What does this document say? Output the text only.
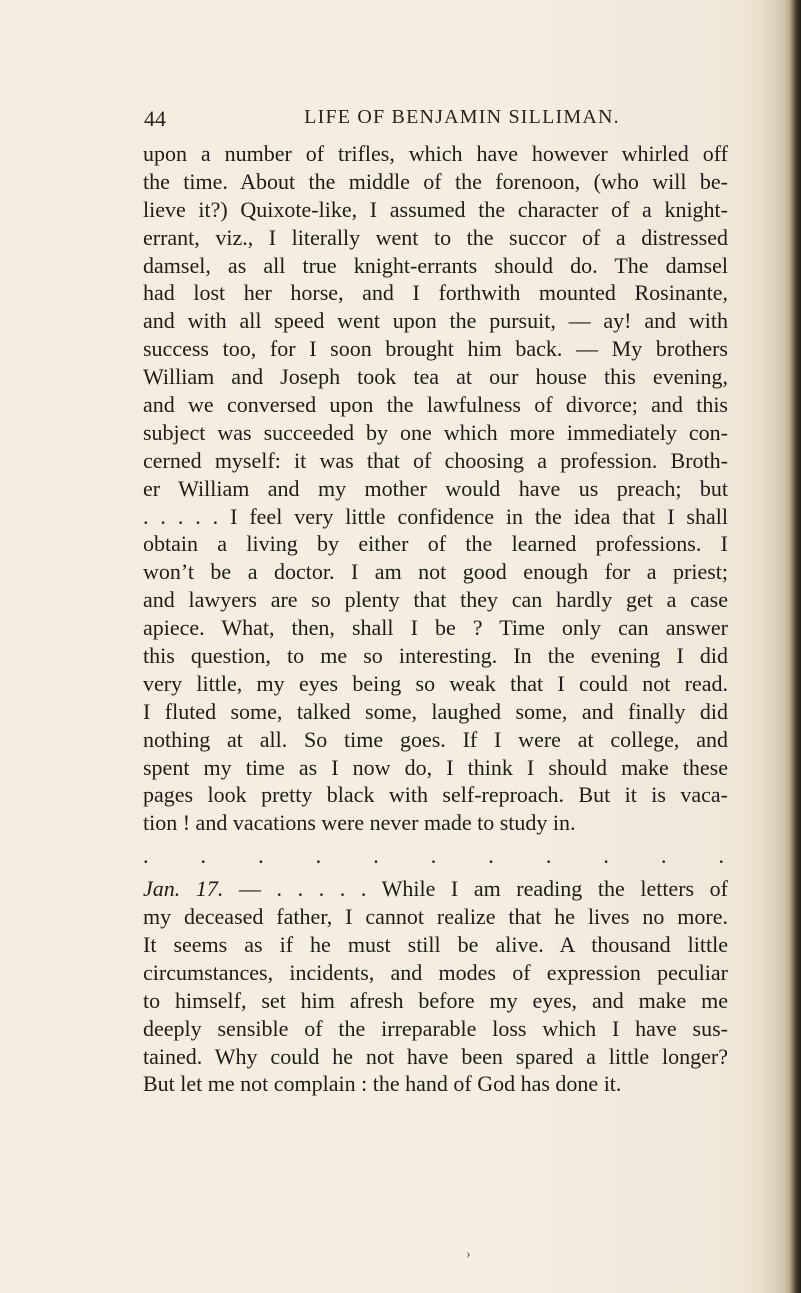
44	LIFE OF BENJAMIN SILLIMAN.
upon a number of trifles, which have however whirled off
the time. About the middle of the forenoon, (who will be-
lieve it?) Quixote-like, I assumed the character of a knight-
errant, viz., I literally went to the succor of a distressed
damsel, as all true knight-errants should do. The damsel
had lost her horse, and I forthwith mounted Rosinante,
and with all speed went upon the pursuit, — ay! and with
success too, for I soon brought him back. — My brothers
William and Joseph took tea at our house this evening,
and we conversed upon the lawfulness of divorce; and this
subject was succeeded by one which more immediately con-
cerned myself: it was that of choosing a profession. Broth-
er William and my mother would have us preach; but
. . . . . I feel very little confidence in the idea that I shall
obtain a living by either of the learned professions. I
won’t be a doctor. I am not good enough for a priest;
and lawyers are so plenty that they can hardly get a case
apiece. What, then, shall I be ? Time only can answer
this question, to me so interesting. In the evening I did
very little, my eyes being so weak that I could not read.
I fluted some, talked some, laughed some, and finally did
nothing at all. So time goes. If I were at college, and
spent my time as I now do, I think I should make these
pages look pretty black with self-reproach. But it is vaca-
tion ! and vacations were never made to study in.
. . . . . . . . . . .
Jan. 17. — . . . . . While I am reading the letters of
my deceased father, I cannot realize that he lives no more.
It seems as if he must still be alive. A thousand little
circumstances, incidents, and modes of expression peculiar
to himself, set him afresh before my eyes, and make me
deeply sensible of the irreparable loss which I have sus-
tained. Why could he not have been spared a little longer?
But let me not complain : the hand of God has done it.
›
